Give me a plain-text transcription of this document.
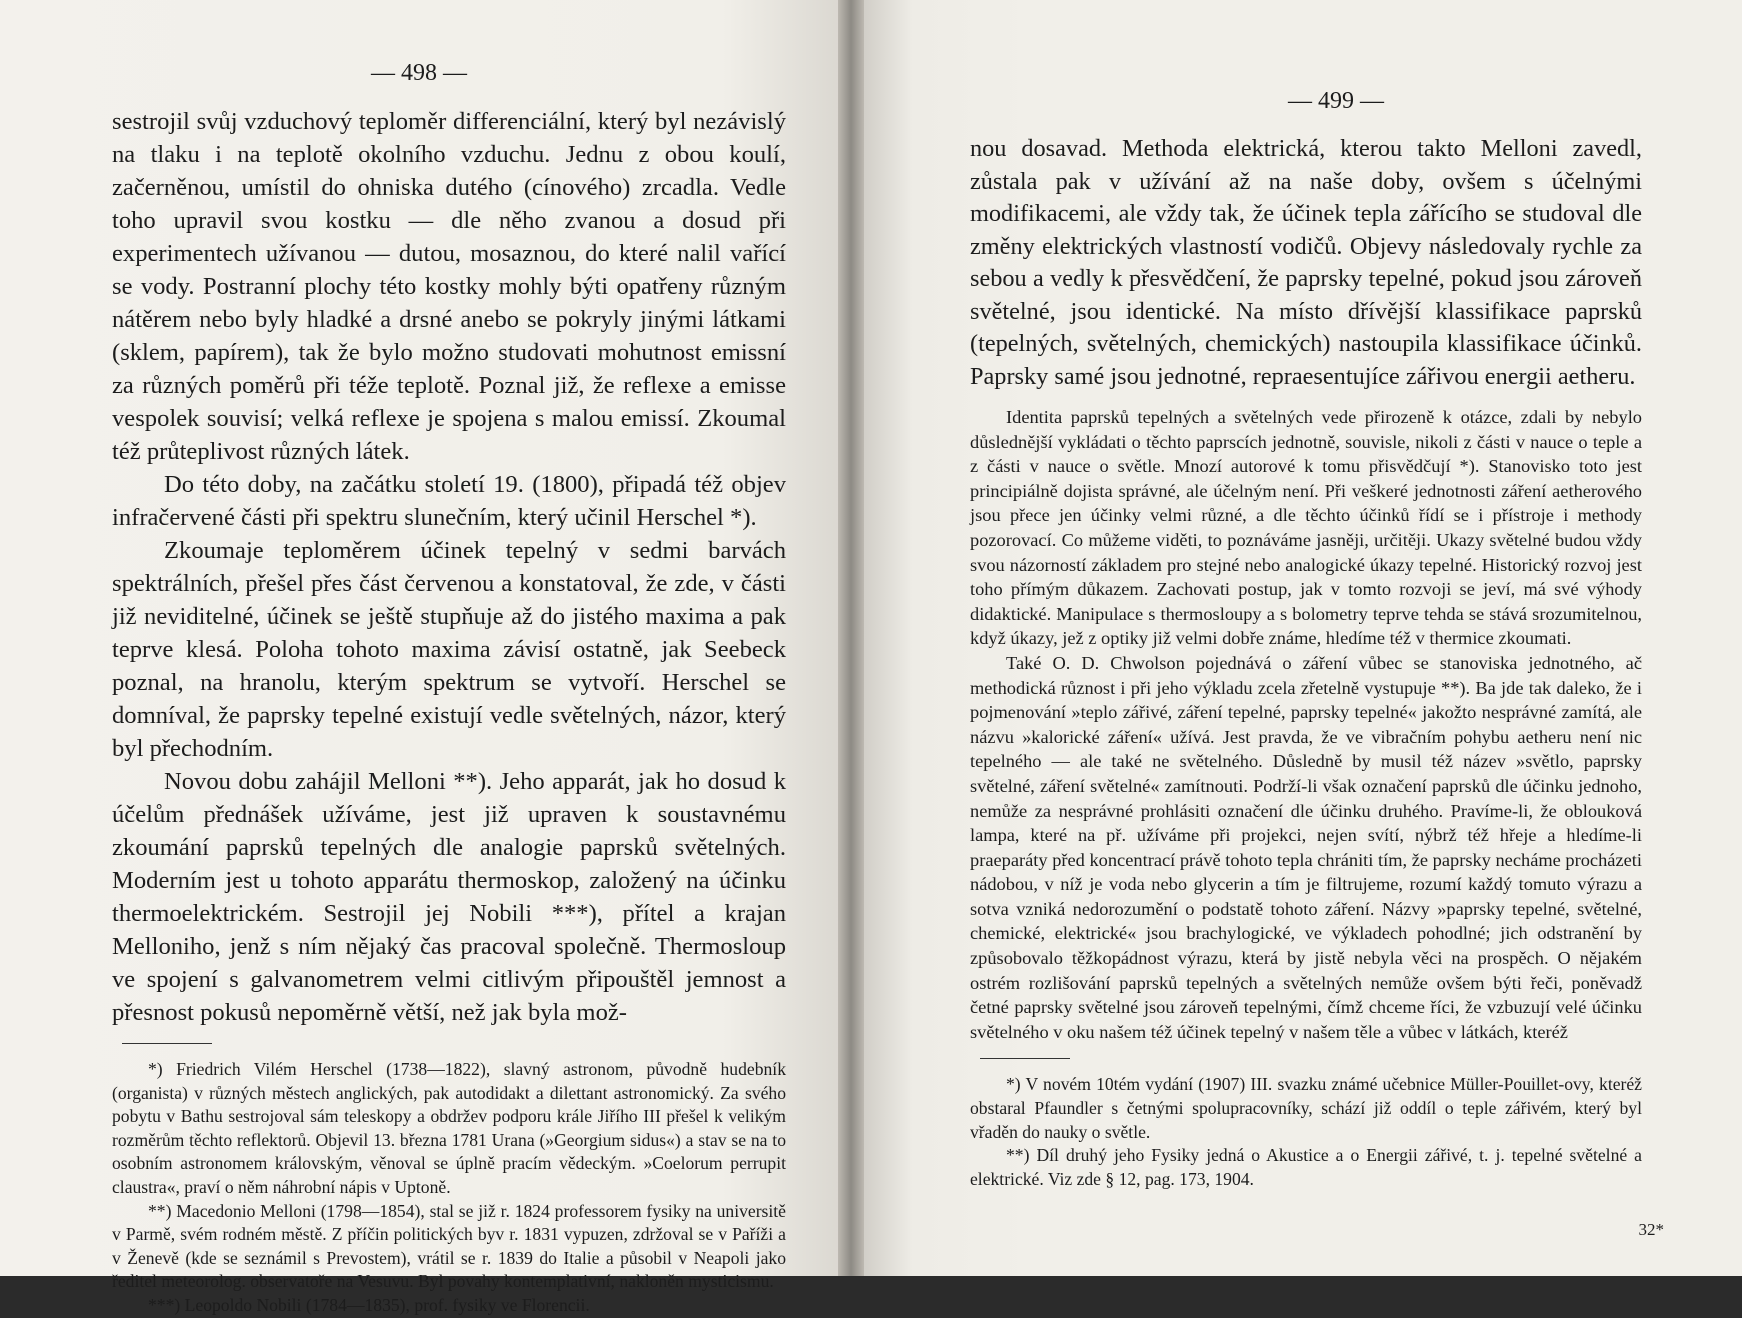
— 498 —

sestrojil svůj vzduchový teploměr differenciální, který byl nezávislý na tlaku i na teplotě okolního vzduchu. Jednu z obou koulí, začerněnou, umístil do ohniska dutého (cínového) zrcadla. Vedle toho upravil svou kostku — dle něho zvanou a dosud při experimentech užívanou — dutou, mosaznou, do které nalil vařící se vody. Postranní plochy této kostky mohly býti opatřeny různým nátěrem nebo byly hladké a drsné anebo se pokryly jinými látkami (sklem, papírem), tak že bylo možno studovati mohutnost emissní za různých poměrů při téže teplotě. Poznal již, že reflexe a emisse vespolek souvisí; velká reflexe je spojena s malou emissí. Zkoumal též průteplivost různých látek.

Do této doby, na začátku století 19. (1800), připadá též objev infračervené části při spektru slunečním, který učinil Herschel *).

Zkoumaje teploměrem účinek tepelný v sedmi barvách spektrálních, přešel přes část červenou a konstatoval, že zde, v části již neviditelné, účinek se ještě stupňuje až do jistého maxima a pak teprve klesá. Poloha tohoto maxima závisí ostatně, jak Seebeck poznal, na hranolu, kterým spektrum se vytvoří. Herschel se domníval, že paprsky tepelné existují vedle světelných, názor, který byl přechodním.

Novou dobu zahájil Melloni **). Jeho apparát, jak ho dosud k účelům přednášek užíváme, jest již upraven k soustavnému zkoumání paprsků tepelných dle analogie paprsků světelných. Moderním jest u tohoto apparátu thermoskop, založený na účinku thermoelektrickém. Sestrojil jej Nobili ***), přítel a krajan Melloniho, jenž s ním nějaký čas pracoval společně. Thermosloup ve spojení s galvanometrem velmi citlivým připouštěl jemnost a přesnost pokusů nepoměrně větší, než jak byla mož-

*) Friedrich Vilém Herschel (1738—1822), slavný astronom, původně hudebník (organista) v různých městech anglických, pak autodidakt a dilettant astronomický. Za svého pobytu v Bathu sestrojoval sám teleskopy a obdržev podporu krále Jiřího III přešel k velikým rozměrům těchto reflektorů. Objevil 13. března 1781 Urana (»Georgium sidus«) a stav se na to osobním astronomem královským, věnoval se úplně pracím vědeckým. »Coelorum perrupit claustra«, praví o něm náhrobní nápis v Uptoně.

**) Macedonio Melloni (1798—1854), stal se již r. 1824 professorem fysiky na universitě v Parmě, svém rodném městě. Z příčin politických byv r. 1831 vypuzen, zdržoval se v Paříži a v Ženevě (kde se seznámil s Prevostem), vrátil se r. 1839 do Italie a působil v Neapoli jako ředitel meteorolog. observatoře na Vesuvu. Byl povahy kontemplativní, nakloněn mysticismu.

***) Leopoldo Nobili (1784—1835), prof. fysiky ve Florencii.

— 499 —

nou dosavad. Methoda elektrická, kterou takto Melloni zavedl, zůstala pak v užívání až na naše doby, ovšem s účelnými modifikacemi, ale vždy tak, že účinek tepla zářícího se studoval dle změny elektrických vlastností vodičů. Objevy následovaly rychle za sebou a vedly k přesvědčení, že paprsky tepelné, pokud jsou zároveň světelné, jsou identické. Na místo dřívější klassifikace paprsků (tepelných, světelných, chemických) nastoupila klassifikace účinků. Paprsky samé jsou jednotné, repraesentujíce zářivou energii aetheru.

Identita paprsků tepelných a světelných vede přirozeně k otázce, zdali by nebylo důslednější vykládati o těchto paprscích jednotně, souvisle, nikoli z části v nauce o teple a z části v nauce o světle. Mnozí autorové k tomu přisvědčují *). Stanovisko toto jest principiálně dojista správné, ale účelným není. Při veškeré jednotnosti záření aetherového jsou přece jen účinky velmi různé, a dle těchto účinků řídí se i přístroje i methody pozorovací. Co můžeme viděti, to poznáváme jasněji, určitěji. Ukazy světelné budou vždy svou názorností základem pro stejné nebo analogické úkazy tepelné. Historický rozvoj jest toho přímým důkazem. Zachovati postup, jak v tomto rozvoji se jeví, má své výhody didaktické. Manipulace s thermosloupy a s bolometry teprve tehda se stává srozumitelnou, když úkazy, jež z optiky již velmi dobře známe, hledíme též v thermice zkoumati.

Také O. D. Chwolson pojednává o záření vůbec se stanoviska jednotného, ač methodická různost i při jeho výkladu zcela zřetelně vystupuje **). Ba jde tak daleko, že i pojmenování »teplo zářivé, záření tepelné, paprsky tepelné« jakožto nesprávné zamítá, ale názvu »kalorické záření« užívá. Jest pravda, že ve vibračním pohybu aetheru není nic tepelného — ale také ne světelného. Důsledně by musil též název »světlo, paprsky světelné, záření světelné« zamítnouti. Podrží-li však označení paprsků dle účinku jednoho, nemůže za nesprávné prohlásiti označení dle účinku druhého. Pravíme-li, že oblouková lampa, které na př. užíváme při projekci, nejen svítí, nýbrž též hřeje a hledíme-li praeparáty před koncentrací právě tohoto tepla chrániti tím, že paprsky necháme procházeti nádobou, v níž je voda nebo glycerin a tím je filtrujeme, rozumí každý tomuto výrazu a sotva vzniká nedorozumění o podstatě tohoto záření. Názvy »paprsky tepelné, světelné, chemické, elektrické« jsou brachylogické, ve výkladech pohodlné; jich odstranění by způsobovalo těžkopádnost výrazu, která by jistě nebyla věci na prospěch. O nějakém ostrém rozlišování paprsků tepelných a světelných nemůže ovšem býti řeči, poněvadž četné paprsky světelné jsou zároveň tepelnými, čímž chceme říci, že vzbuzují velé účinku světelného v oku našem též účinek tepelný v našem těle a vůbec v látkách, kteréž

*) V novém 10tém vydání (1907) III. svazku známé učebnice Müller-Pouillet-ovy, kteréž obstaral Pfaundler s četnými spolupracovníky, schází již oddíl o teple zářivém, který byl vřaděn do nauky o světle.

**) Díl druhý jeho Fysiky jedná o Akustice a o Energii zářivé, t. j. tepelné světelné a elektrické. Viz zde § 12, pag. 173, 1904.

32*
